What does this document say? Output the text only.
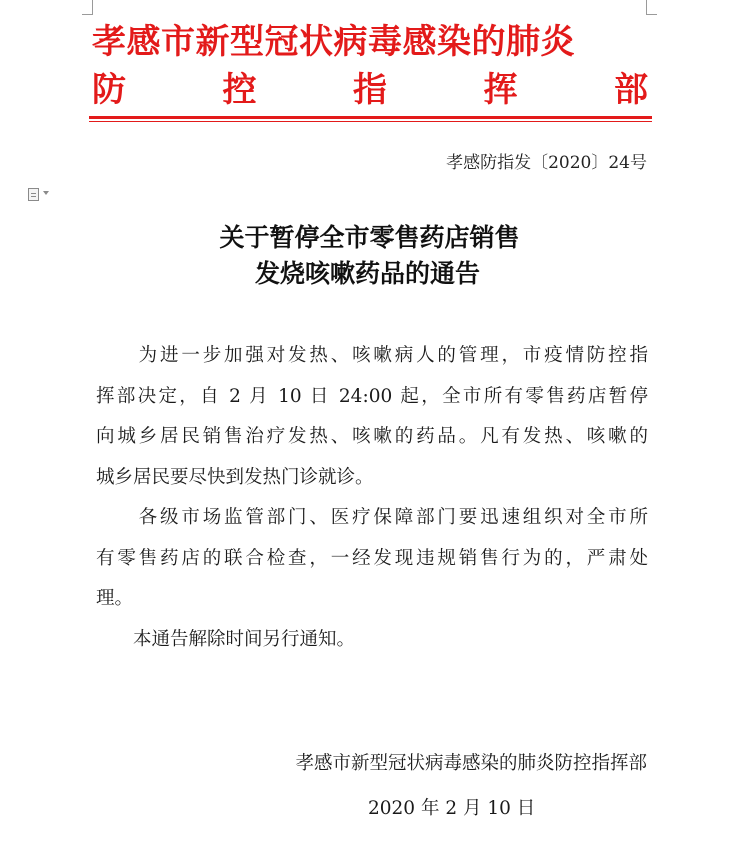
孝感市新型冠状病毒感染的肺炎
防	控	指	挥	部
孝感防指发〔2020〕24号
关于暂停全市零售药店销售
发烧咳嗽药品的通告
　　为进一步加强对发热、咳嗽病人的管理，市疫情防控指
挥部决定，自 2 月 10 日 24:00 起，全市所有零售药店暂停
向城乡居民销售治疗发热、咳嗽的药品。凡有发热、咳嗽的
城乡居民要尽快到发热门诊就诊。
　　各级市场监管部门、医疗保障部门要迅速组织对全市所
有零售药店的联合检查，一经发现违规销售行为的，严肃处
理。
　　本通告解除时间另行通知。
孝感市新型冠状病毒感染的肺炎防控指挥部
2020 年 2 月 10 日
